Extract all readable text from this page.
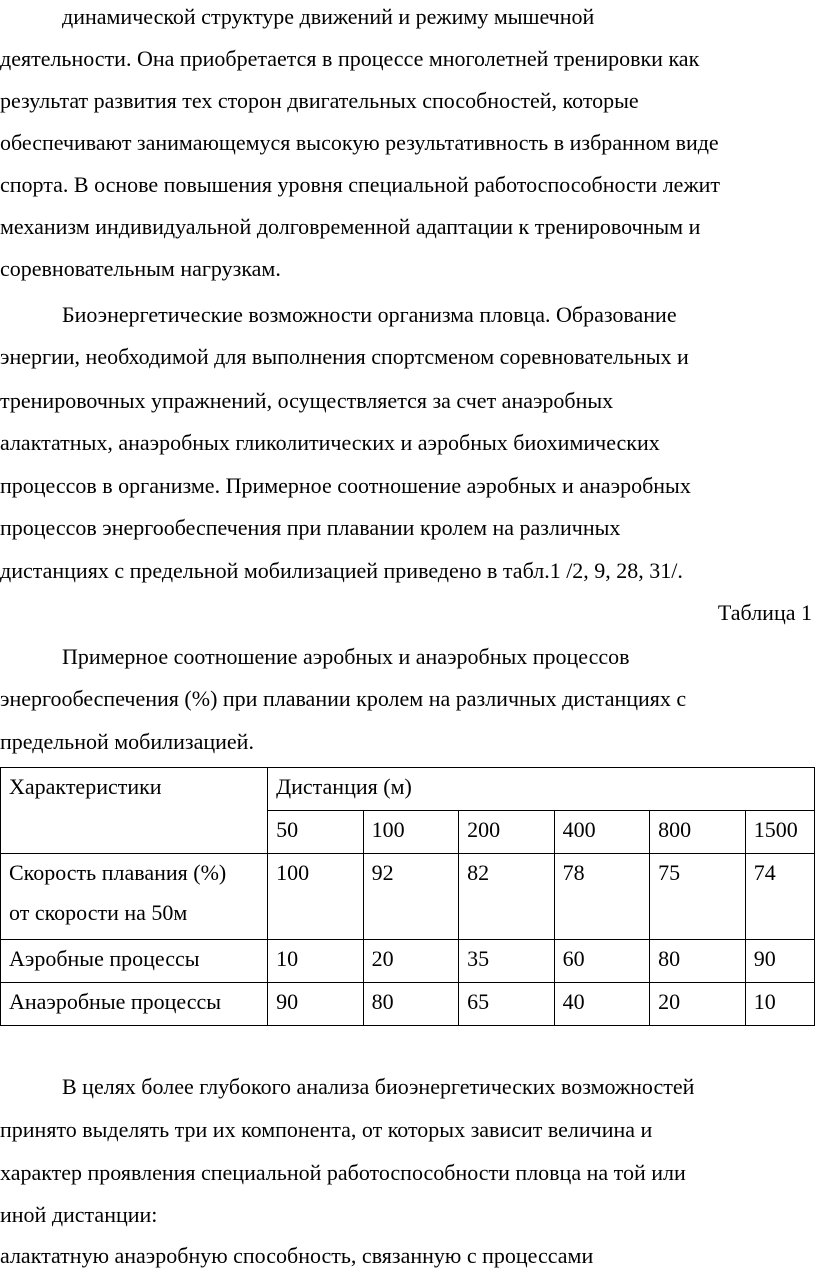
динамической структуре движений и режиму мышечной
деятельности. Она приобретается в процессе многолетней тренировки как
результат развития тех сторон двигательных способностей, которые
обеспечивают занимающемуся высокую результативность в избранном виде
спорта. В основе повышения уровня специальной работоспособности лежит
механизм индивидуальной долговременной адаптации к тренировочным и
соревновательным нагрузкам.
Биоэнергетические возможности организма пловца. Образование
энергии, необходимой для выполнения спортсменом соревновательных и
тренировочных упражнений, осуществляется за счет анаэробных
алактатных, анаэробных гликолитических и аэробных биохимических
процессов в организме. Примерное соотношение аэробных и анаэробных
процессов энергообеспечения при плавании кролем на различных
дистанциях с предельной мобилизацией приведено в табл.1 /2, 9, 28, 31/.
Таблица 1
Примерное соотношение аэробных и анаэробных процессов
энергообеспечения (%) при плавании кролем на различных дистанциях с
предельной мобилизацией.
Характеристики	Дистанция (м)					
	50	100	200	400	800	1500
Скорость плавания (%)
от скорости на 50м	100	92	82	78	75	74
Аэробные процессы	10	20	35	60	80	90
Анаэробные процессы	90	80	65	40	20	10
В целях более глубокого анализа биоэнергетических возможностей
принято выделять три их компонента, от которых зависит величина и
характер проявления специальной работоспособности пловца на той или
иной дистанции:
алактатную анаэробную способность, связанную с процессами
